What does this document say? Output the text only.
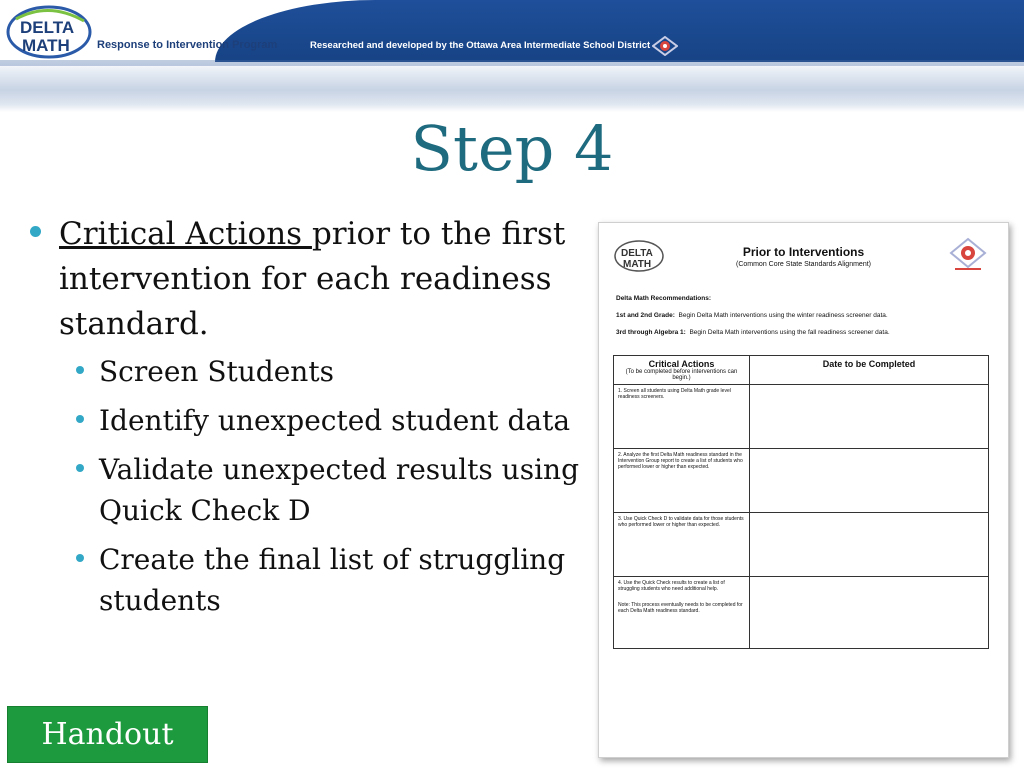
DELTA
MATH Response to Intervention Program	Researched and developed by the Ottawa Area Intermediate School District
Step 4
Critical Actions prior to the first intervention for each readiness standard.
Screen Students
Identify unexpected student data
Validate unexpected results using Quick Check D
Create the final list of struggling students
Handout
DELTA
MATH
Prior to Interventions
(Common Core State Standards Alignment)
Delta Math Recommendations:
1st and 2nd Grade: Begin Delta Math interventions using the winter readiness screener data.
3rd through Algebra 1: Begin Delta Math interventions using the fall readiness screener data.
Critical Actions
(To be completed before interventions can begin.)	Date to be Completed
1. Screen all students using Delta Math grade level readiness screeners.	
2. Analyze the first Delta Math readiness standard in the Intervention Group report to create a list of students who performed lower or higher than expected.	
3. Use Quick Check D to validate data for those students who performed lower or higher than expected.	

4. Use the Quick Check results to create a list of struggling students who need additional help.
Note: This process eventually needs to be completed for each Delta Math readiness standard.	
